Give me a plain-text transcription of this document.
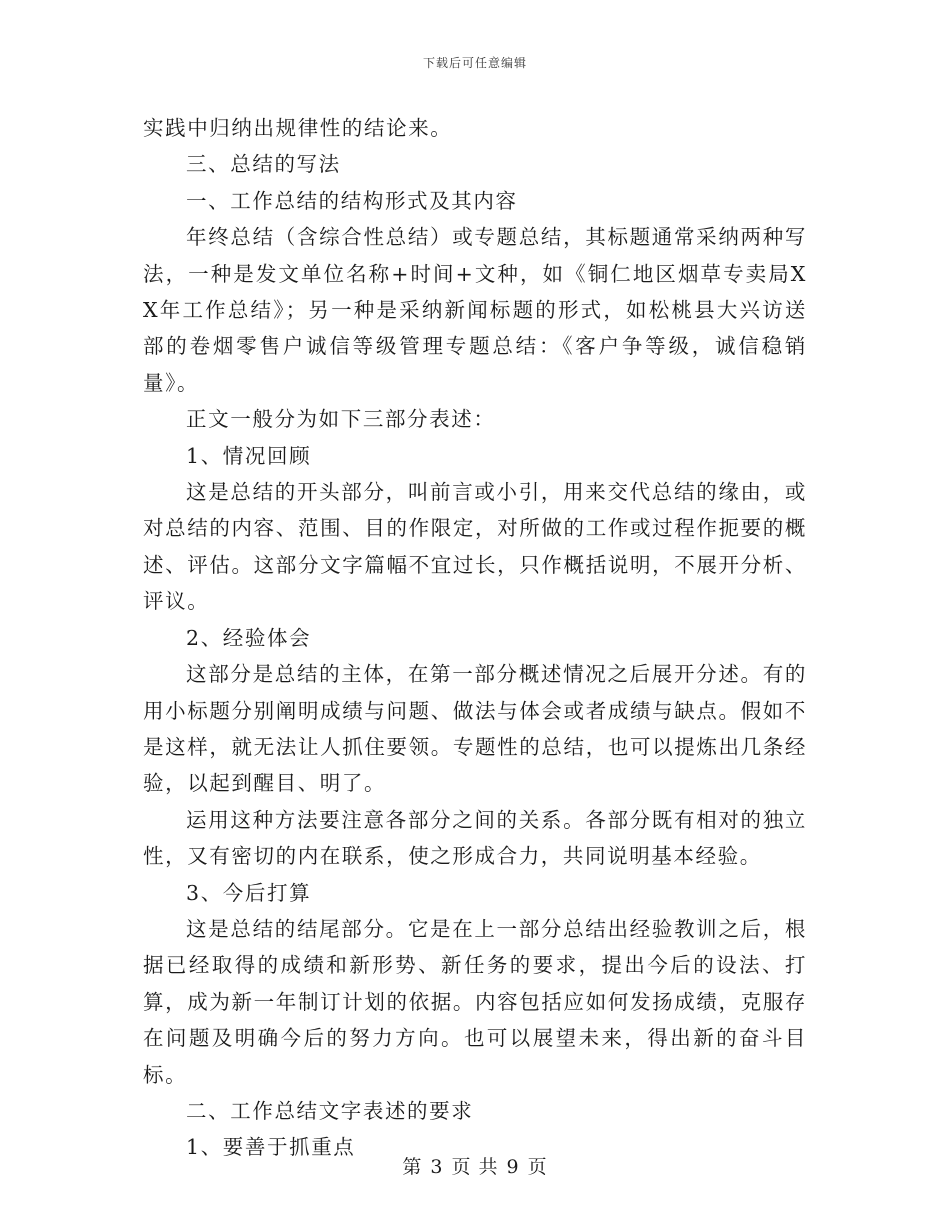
下载后可任意编辑

实践中归纳出规律性的结论来。

三、总结的写法

一、工作总结的结构形式及其内容

年终总结（含综合性总结）或专题总结，其标题通常采纳两种写法，一种是发文单位名称+时间+文种，如《铜仁地区烟草专卖局XX年工作总结》；另一种是采纳新闻标题的形式，如松桃县大兴访送部的卷烟零售户诚信等级管理专题总结：《客户争等级，诚信稳销量》。

正文一般分为如下三部分表述：

1、情况回顾

这是总结的开头部分，叫前言或小引，用来交代总结的缘由，或对总结的内容、范围、目的作限定，对所做的工作或过程作扼要的概述、评估。这部分文字篇幅不宜过长，只作概括说明，不展开分析、评议。

2、经验体会

这部分是总结的主体，在第一部分概述情况之后展开分述。有的用小标题分别阐明成绩与问题、做法与体会或者成绩与缺点。假如不是这样，就无法让人抓住要领。专题性的总结，也可以提炼出几条经验，以起到醒目、明了。

运用这种方法要注意各部分之间的关系。各部分既有相对的独立性，又有密切的内在联系，使之形成合力，共同说明基本经验。

3、今后打算

这是总结的结尾部分。它是在上一部分总结出经验教训之后，根据已经取得的成绩和新形势、新任务的要求，提出今后的设法、打算，成为新一年制订计划的依据。内容包括应如何发扬成绩，克服存在问题及明确今后的努力方向。也可以展望未来，得出新的奋斗目标。

二、工作总结文字表述的要求

1、要善于抓重点

第 3 页 共 9 页
